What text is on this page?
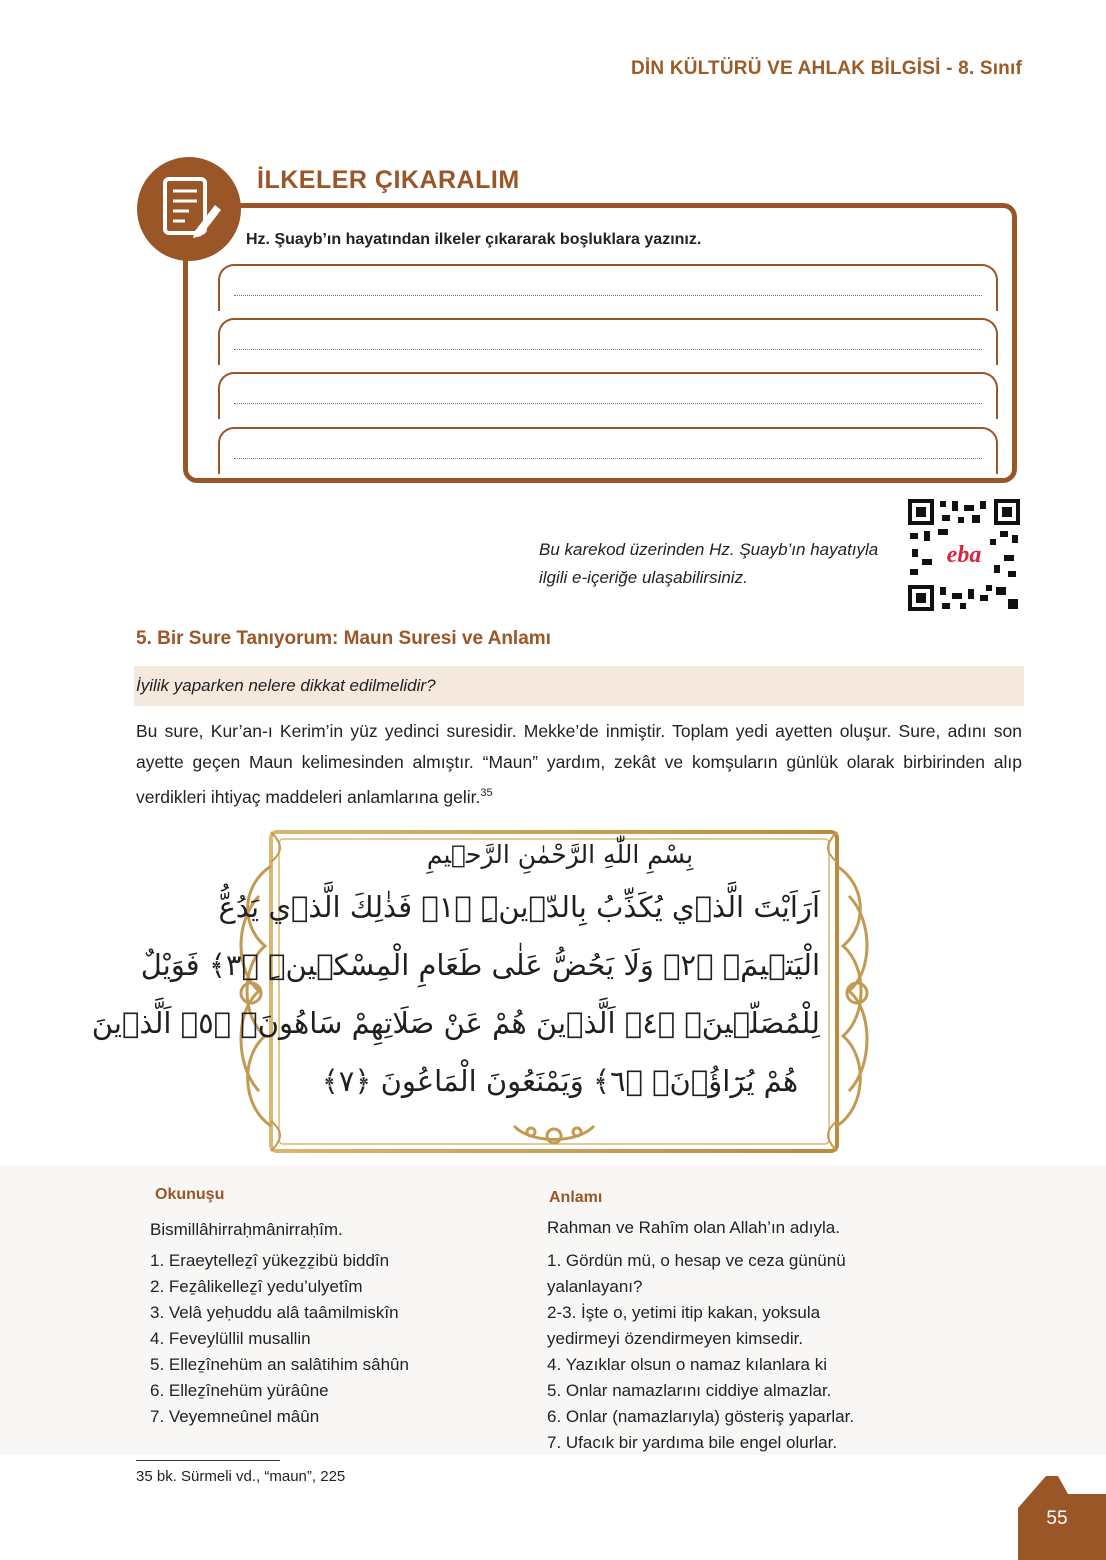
DİN KÜLTÜRÜ VE AHLAK BİLGİSİ - 8. Sınıf
İLKELER ÇIKARALIM
Hz. Şuayb’ın hayatından ilkeler çıkararak boşluklara yazınız.
Bu karekod üzerinden Hz. Şuayb’ın hayatıyla ilgili e-içeriğe ulaşabilirsiniz.
eba
5. Bir Sure Tanıyorum: Maun Suresi ve Anlamı
İyilik yaparken nelere dikkat edilmelidir?
Bu sure, Kur’an-ı Kerim’in yüz yedinci suresidir. Mekke’de inmiştir. Toplam yedi ayetten oluşur. Sure, adını son ayette geçen Maun kelimesinden almıştır. “Maun” yardım, zekât ve komşuların günlük olarak birbirinden alıp verdikleri ihtiyaç maddeleri anlamlarına gelir.$^{35}$
بِسْمِ اللّٰهِ الرَّحْمٰنِ الرَّح۪يمِ
اَرَاَيْتَ الَّذ۪ي يُكَذِّبُ بِالدّ۪ينِۜ ﴿١﴾ فَذٰلِكَ الَّذ۪ي يَدُعُّ
الْيَت۪يمَۙ ﴿٢﴾ وَلَا يَحُضُّ عَلٰى طَعَامِ الْمِسْك۪ينِۜ ﴿٣﴾ فَوَيْلٌ
لِلْمُصَلّ۪ينَۙ ﴿٤﴾ اَلَّذ۪ينَ هُمْ عَنْ صَلَاتِهِمْ سَاهُونَۙ ﴿٥﴾ اَلَّذ۪ينَ
هُمْ يُرَٓاؤُ۫نَۙ ﴿٦﴾ وَيَمْنَعُونَ الْمَاعُونَ ﴿٧﴾
Okunuşu
Bismillâhirraḥmânirraḥîm.
1. Eraeytelleẕî yükeẕẕibü biddîn
2. Feẕâlikelleẕî yedu’ulyetîm
3. Velâ yeḥuddu alâ taâmilmiskîn
4. Feveylüllil musallin
5. Elleẕînehüm an salâtihim sâhûn
6. Elleẕînehüm yürâûne
7. Veyemneûnel mâûn
Anlamı
Rahman ve Rahîm olan Allah’ın adıyla.
1. Gördün mü, o hesap ve ceza gününü
yalanlayanı?
2-3. İşte o, yetimi itip kakan, yoksula
yedirmeyi özendirmeyen kimsedir.
4. Yazıklar olsun o namaz kılanlara ki
5. Onlar namazlarını ciddiye almazlar.
6. Onlar (namazlarıyla) gösteriş yaparlar.
7. Ufacık bir yardıma bile engel olurlar.
35 bk. Sürmeli vd., “maun”, 225
55
